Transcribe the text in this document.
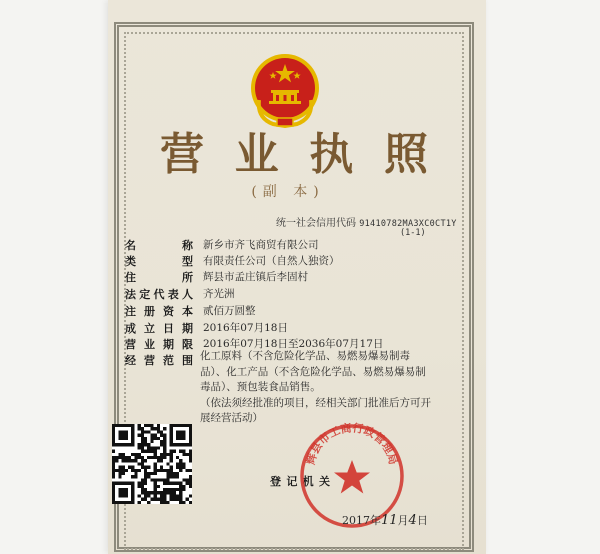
营 业 执 照
(副 本)
统一社会信用代码 91410782MA3XC0CT1Y
(1-1)
名	称 新乡市齐飞商贸有限公司
类	型 有限责任公司（自然人独资）
住	所 辉县市孟庄镇后李固村
法 定 代 表 人 齐光洲
注 册 资 本 贰佰万圆整
成 立 日 期 2016年07月18日
营 业 期 限 2016年07月18日至2036年07月17日
经 营 范 围 化工原料（不含危险化学品、易燃易爆易制毒
品）、化工产品（不含危险化学品、易燃易爆易制
毒品）、预包装食品销售。
（依法须经批准的项目，经相关部门批准后方可开
展经营活动）
登 记 机 关
辉县市工商行政管理局
2017年11月4日
